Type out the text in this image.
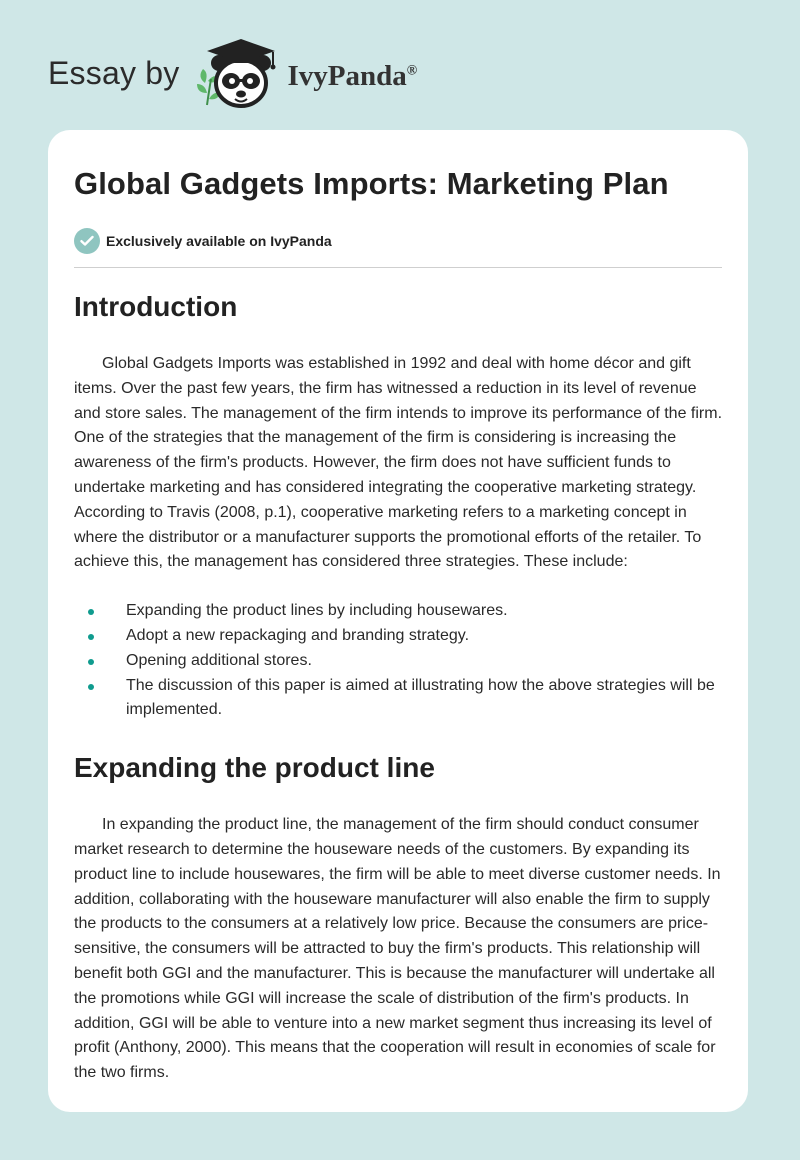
Essay by	IvyPanda®
Global Gadgets Imports: Marketing Plan
Exclusively available on IvyPanda
Introduction

Global Gadgets Imports was established in 1992 and deal with home décor and gift items. Over the past few years, the firm has witnessed a reduction in its level of revenue and store sales. The management of the firm intends to improve its performance of the firm. One of the strategies that the management of the firm is considering is increasing the awareness of the firm's products. However, the firm does not have sufficient funds to undertake marketing and has considered integrating the cooperative marketing strategy. According to Travis (2008, p.1), cooperative marketing refers to a marketing concept in where the distributor or a manufacturer supports the promotional efforts of the retailer. To achieve this, the management has considered three strategies. These include:

Expanding the product lines by including housewares.
Adopt a new repackaging and branding strategy.
Opening additional stores.
The discussion of this paper is aimed at illustrating how the above strategies will be implemented.
Expanding the product line

In expanding the product line, the management of the firm should conduct consumer market research to determine the houseware needs of the customers. By expanding its product line to include housewares, the firm will be able to meet diverse customer needs. In addition, collaborating with the houseware manufacturer will also enable the firm to supply the products to the consumers at a relatively low price. Because the consumers are price-sensitive, the consumers will be attracted to buy the firm's products. This relationship will benefit both GGI and the manufacturer. This is because the manufacturer will undertake all the promotions while GGI will increase the scale of distribution of the firm's products. In addition, GGI will be able to venture into a new market segment thus increasing its level of profit (Anthony, 2000). This means that the cooperation will result in economies of scale for the two firms.
